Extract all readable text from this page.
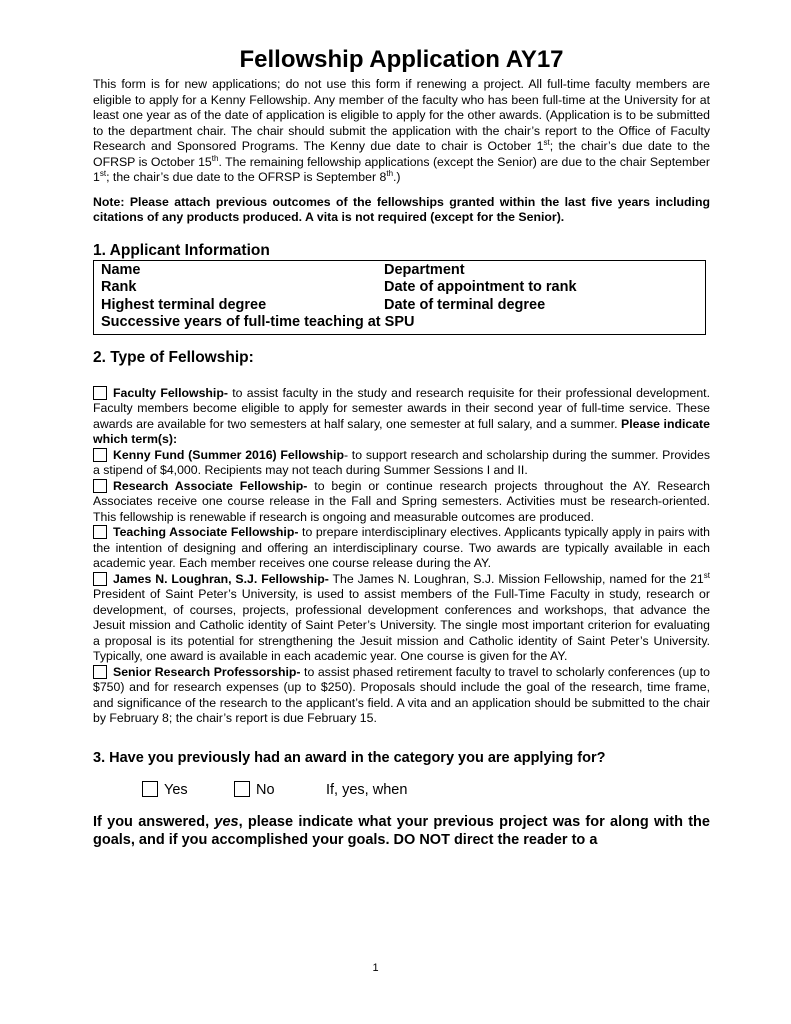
Fellowship Application AY17

This form is for new applications; do not use this form if renewing a project. All full-time faculty members are eligible to apply for a Kenny Fellowship. Any member of the faculty who has been full-time at the University for at least one year as of the date of application is eligible to apply for the other awards. (Application is to be submitted to the department chair. The chair should submit the application with the chair’s report to the Office of Faculty Research and Sponsored Programs. The Kenny due date to chair is October 1st; the chair’s due date to the OFRSP is October 15th. The remaining fellowship applications (except the Senior) are due to the chair September 1st; the chair’s due date to the OFRSP is September 8th.)

Note: Please attach previous outcomes of the fellowships granted within the last five years including citations of any products produced. A vita is not required (except for the Senior).

1. Applicant Information
Name	Department
Rank	Date of appointment to rank
Highest terminal degree	Date of terminal degree
Successive years of full-time teaching at SPU
2. Type of Fellowship:

Faculty Fellowship- to assist faculty in the study and research requisite for their professional development. Faculty members become eligible to apply for semester awards in their second year of full-time service. These awards are available for two semesters at half salary, one semester at full salary, and a summer. Please indicate which term(s):

Kenny Fund (Summer 2016) Fellowship- to support research and scholarship during the summer. Provides a stipend of $4,000. Recipients may not teach during Summer Sessions I and II.

Research Associate Fellowship- to begin or continue research projects throughout the AY. Research Associates receive one course release in the Fall and Spring semesters. Activities must be research-oriented. This fellowship is renewable if research is ongoing and measurable outcomes are produced.

Teaching Associate Fellowship- to prepare interdisciplinary electives. Applicants typically apply in pairs with the intention of designing and offering an interdisciplinary course. Two awards are typically available in each academic year. Each member receives one course release during the AY.

James N. Loughran, S.J. Fellowship- The James N. Loughran, S.J. Mission Fellowship, named for the 21st President of Saint Peter’s University, is used to assist members of the Full-Time Faculty in study, research or development, of courses, projects, professional development conferences and workshops, that advance the Jesuit mission and Catholic identity of Saint Peter’s University. The single most important criterion for evaluating a proposal is its potential for strengthening the Jesuit mission and Catholic identity of Saint Peter’s University. Typically, one award is available in each academic year. One course is given for the AY.

Senior Research Professorship- to assist phased retirement faculty to travel to scholarly conferences (up to $750) and for research expenses (up to $250). Proposals should include the goal of the research, time frame, and significance of the research to the applicant’s field. A vita and an application should be submitted to the chair by February 8; the chair’s report is due February 15.

3. Have you previously had an award in the category you are applying for?
Yes	No	If, yes, when

If you answered, yes, please indicate what your previous project was for along with the goals, and if you accomplished your goals. DO NOT direct the reader to a

1
